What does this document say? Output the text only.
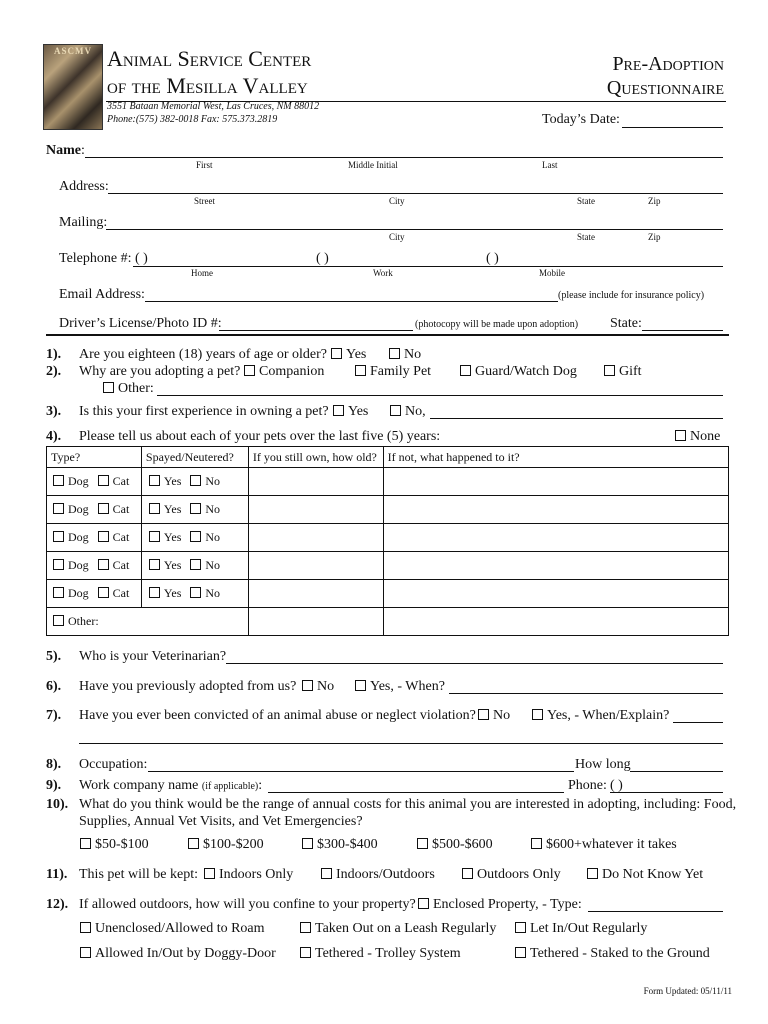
ASCMV Animal Service Center
of the Mesilla Valley
3551 Bataan Memorial West, Las Cruces, NM 88012
Phone:(575) 382-0018 Fax: 575.373.2819
Pre-Adoption
Questionnaire
Today’s Date:
Name:
First	Middle Initial	Last
Address:
Street	City	State	Zip
Mailing:
City	State	Zip
Telephone #: ( )	( )	( )
Home	Work	Mobile
Email Address:	(please include for insurance policy)
Driver’s License/Photo ID #:	(photocopy will be made upon adoption) State:
1). Are you eighteen (18) years of age or older?	Yes	No
2). Why are you adopting a pet?	Companion	Family Pet	Guard/Watch Dog	Gift
Other:
3). Is this your first experience in owning a pet?	Yes	No,
4). Please tell us about each of your pets over the last five (5) years:	None
Type?	Spayed/Neutered?	If you still own, how old?	If not, what happened to it?
Dog Cat	Yes No		
Dog Cat	Yes No		
Dog Cat	Yes No		
Dog Cat	Yes No		
Dog Cat	Yes No		
Other:			
5). Who is your Veterinarian?
6). Have you previously adopted from us?	No	Yes, - When?
7). Have you ever been convicted of an animal abuse or neglect violation?	No	Yes, - When/Explain?
8). Occupation:	How long
9). Work company name (if applicable):	Phone: ( )
10). What do you think would be the range of annual costs for this animal you are interested in adopting, including: Food,
Supplies, Annual Vet Visits, and Vet Emergencies?
$50-$100	$100-$200	$300-$400	$500-$600	$600+whatever it takes
11). This pet will be kept:	Indoors Only	Indoors/Outdoors	Outdoors Only	Do Not Know Yet
12). If allowed outdoors, how will you confine to your property?	Enclosed Property, - Type:
Unenclosed/Allowed to Roam	Taken Out on a Leash Regularly	Let In/Out Regularly
Allowed In/Out by Doggy-Door	Tethered - Trolley System	Tethered - Staked to the Ground
Form Updated: 05/11/11
